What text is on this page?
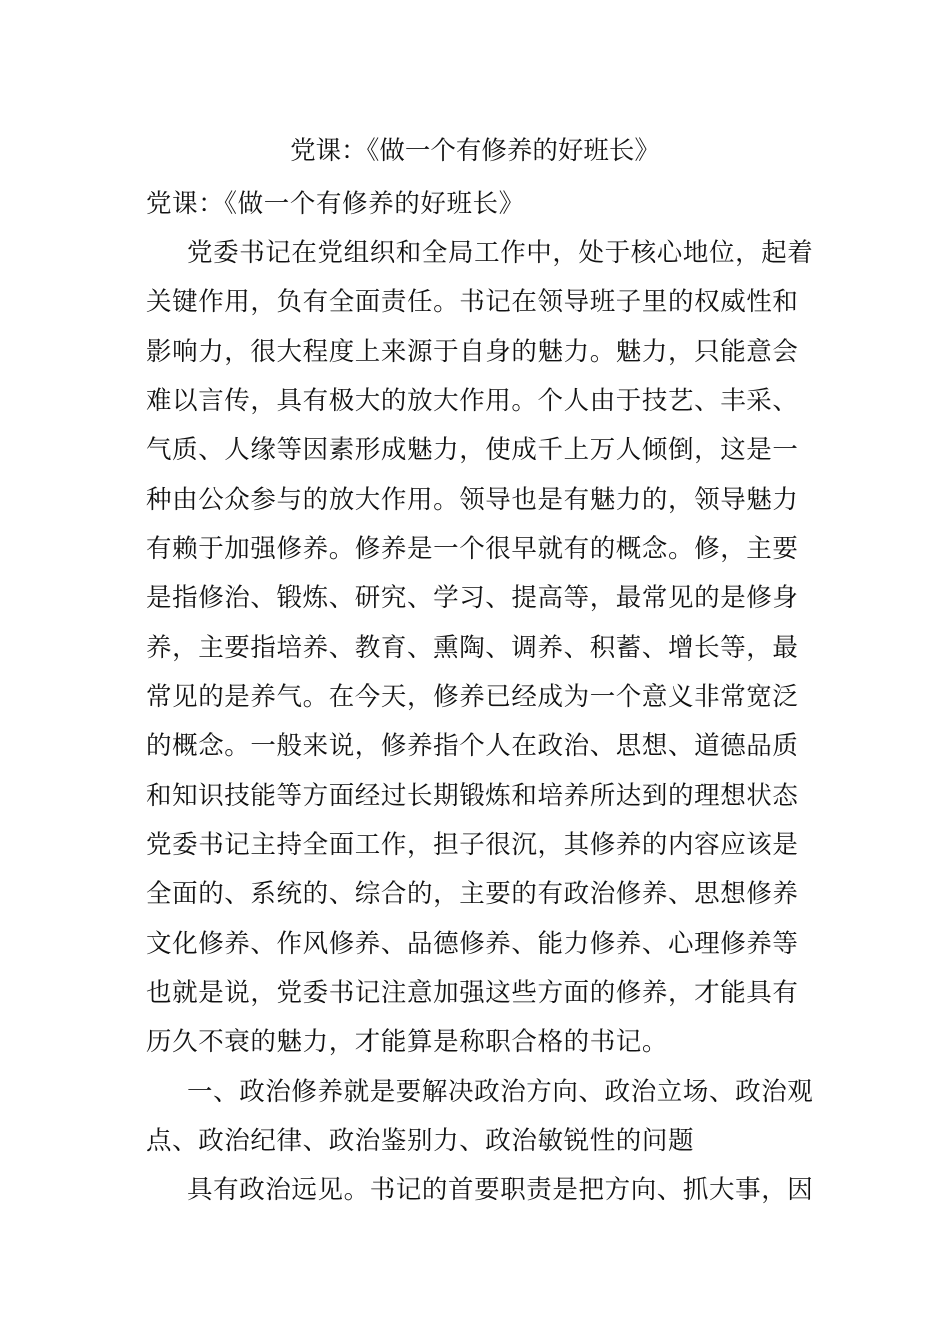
党课：《做一个有修养的好班长》
党课：《做一个有修养的好班长》
党委书记在党组织和全局工作中，处于核心地位，起着
关键作用，负有全面责任。书记在领导班子里的权威性和
影响力，很大程度上来源于自身的魅力。魅力，只能意会
难以言传，具有极大的放大作用。个人由于技艺、丰采、
气质、人缘等因素形成魅力，使成千上万人倾倒，这是一
种由公众参与的放大作用。领导也是有魅力的，领导魅力
有赖于加强修养。修养是一个很早就有的概念。修，主要
是指修治、锻炼、研究、学习、提高等，最常见的是修身
养，主要指培养、教育、熏陶、调养、积蓄、增长等，最
常见的是养气。在今天，修养已经成为一个意义非常宽泛
的概念。一般来说，修养指个人在政治、思想、道德品质
和知识技能等方面经过长期锻炼和培养所达到的理想状态
党委书记主持全面工作，担子很沉，其修养的内容应该是
全面的、系统的、综合的，主要的有政治修养、思想修养
文化修养、作风修养、品德修养、能力修养、心理修养等
也就是说，党委书记注意加强这些方面的修养，才能具有
历久不衰的魅力，才能算是称职合格的书记。
一、政治修养就是要解决政治方向、政治立场、政治观
点、政治纪律、政治鉴别力、政治敏锐性的问题
具有政治远见。书记的首要职责是把方向、抓大事，因
